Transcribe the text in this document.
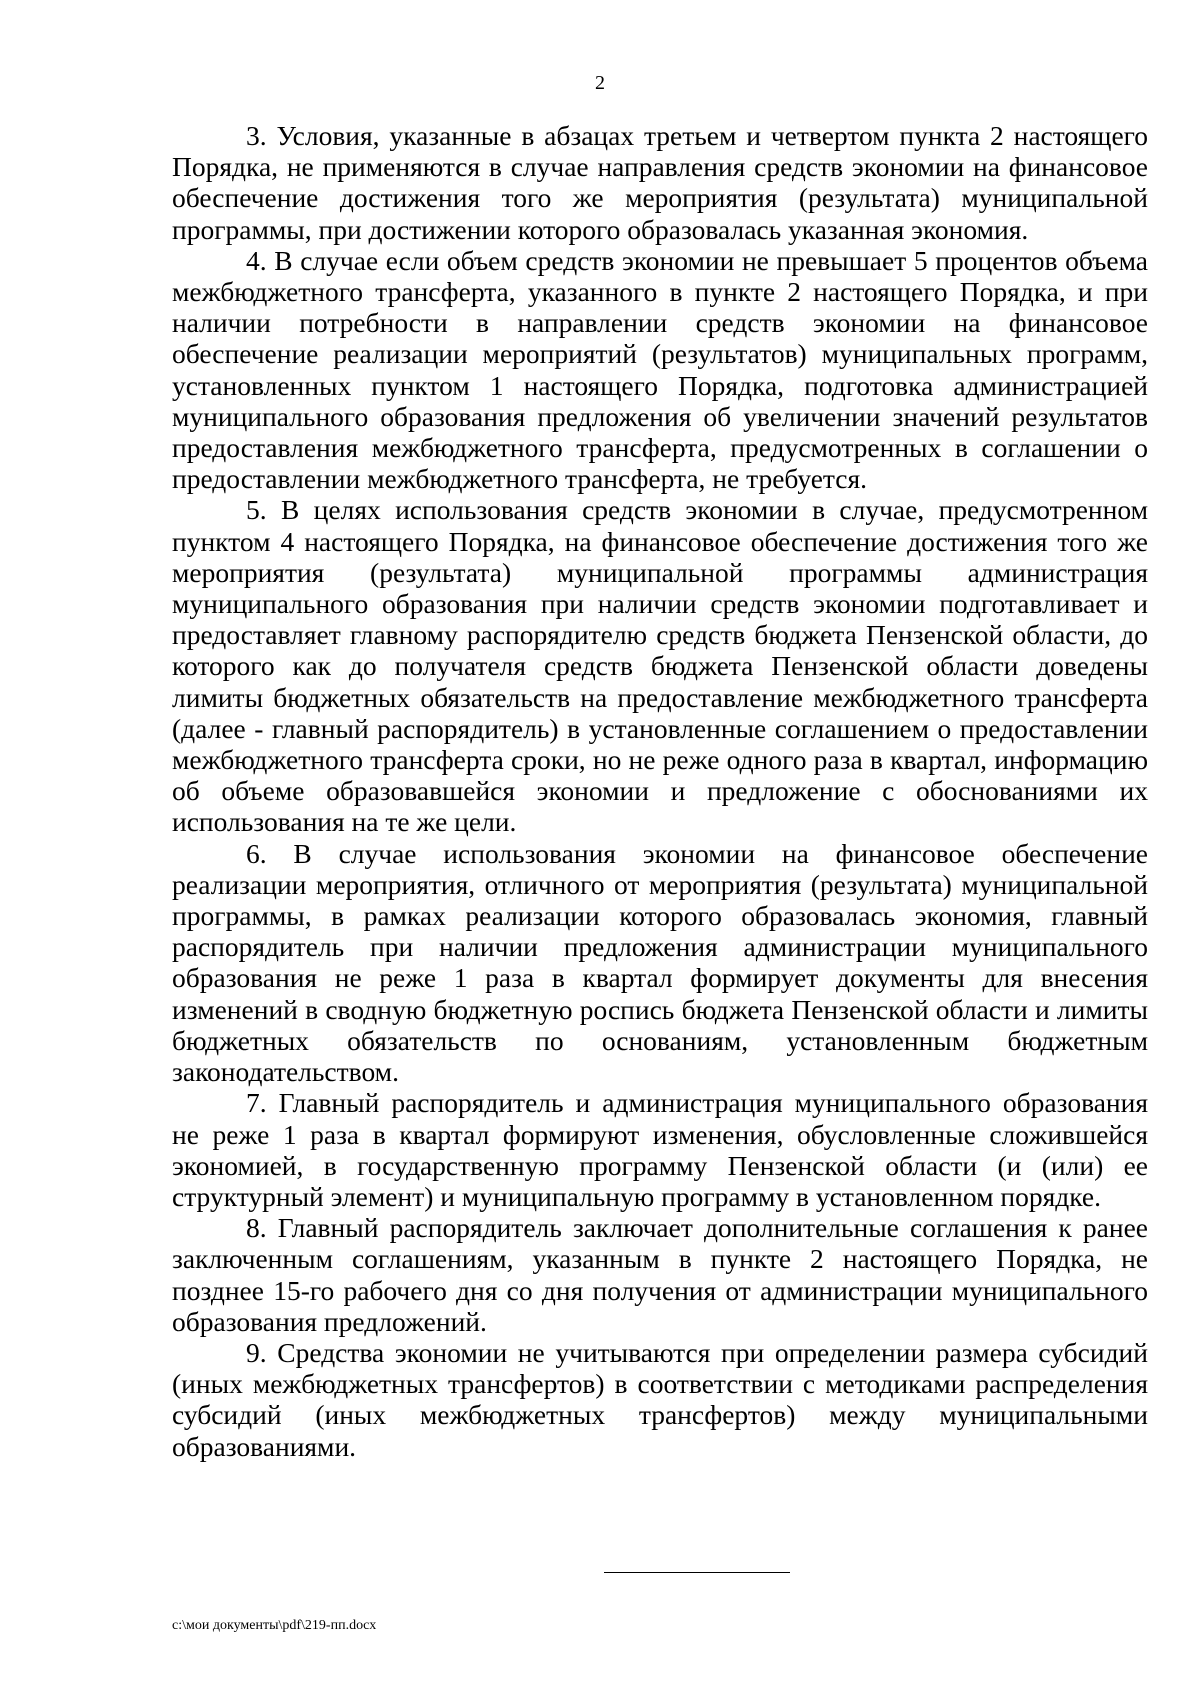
2

3. Условия, указанные в абзацах третьем и четвертом пункта 2 настоящего Порядка, не применяются в случае направления средств экономии на финансовое обеспечение достижения того же мероприятия (результата) муниципальной программы, при достижении которого образовалась указанная экономия.

4. В случае если объем средств экономии не превышает 5 процентов объема межбюджетного трансферта, указанного в пункте 2 настоящего Порядка, и при наличии потребности в направлении средств экономии на финансовое обеспечение реализации мероприятий (результатов) муниципальных программ, установленных пунктом 1 настоящего Порядка, подготовка администрацией муниципального образования предложения об увеличении значений результатов предоставления межбюджетного трансферта, предусмотренных в соглашении о предоставлении межбюджетного трансферта, не требуется.

5. В целях использования средств экономии в случае, предусмотренном пунктом 4 настоящего Порядка, на финансовое обеспечение достижения того же мероприятия (результата) муниципальной программы администрация муниципального образования при наличии средств экономии подготавливает и предоставляет главному распорядителю средств бюджета Пензенской области, до которого как до получателя средств бюджета Пензенской области доведены лимиты бюджетных обязательств на предоставление межбюджетного трансферта (далее - главный распорядитель) в установленные соглашением о предоставлении межбюджетного трансферта сроки, но не реже одного раза в квартал, информацию об объеме образовавшейся экономии и предложение с обоснованиями их использования на те же цели.

6. В случае использования экономии на финансовое обеспечение реализации мероприятия, отличного от мероприятия (результата) муниципальной программы, в рамках реализации которого образовалась экономия, главный распорядитель при наличии предложения администрации муниципального образования не реже 1 раза в квартал формирует документы для внесения изменений в сводную бюджетную роспись бюджета Пензенской области и лимиты бюджетных обязательств по основаниям, установленным бюджетным законодательством.

7. Главный распорядитель и администрация муниципального образования не реже 1 раза в квартал формируют изменения, обусловленные сложившейся экономией, в государственную программу Пензенской области (и (или) ее структурный элемент) и муниципальную программу в установленном порядке.

8. Главный распорядитель заключает дополнительные соглашения к ранее заключенным соглашениям, указанным в пункте 2 настоящего Порядка, не позднее 15-го рабочего дня со дня получения от администрации муниципального образования предложений.

9. Средства экономии не учитываются при определении размера субсидий (иных межбюджетных трансфертов) в соответствии с методиками распределения субсидий (иных межбюджетных трансфертов) между муниципальными образованиями.

c:\мои документы\pdf\219-пп.docx
